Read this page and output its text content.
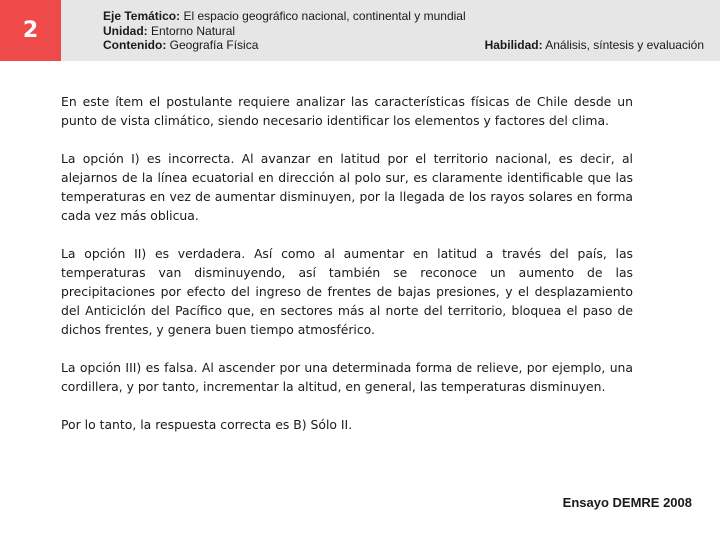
2
Eje Temático: El espacio geográfico nacional, continental y mundial
Unidad: Entorno Natural
Contenido: Geografía Física	Habilidad: Análisis, síntesis y evaluación

En este ítem el postulante requiere analizar las características físicas de Chile desde un punto de vista climático, siendo necesario identificar los elementos y factores del clima.

La opción I) es incorrecta. Al avanzar en latitud por el territorio nacional, es decir, al alejarnos de la línea ecuatorial en dirección al polo sur, es claramente identificable que las temperaturas en vez de aumentar disminuyen, por la llegada de los rayos solares en forma cada vez más oblicua.

La opción II) es verdadera. Así como al aumentar en latitud a través del país, las temperaturas van disminuyendo, así también se reconoce un aumento de las precipitaciones por efecto del ingreso de frentes de bajas presiones, y el desplazamiento del Anticiclón del Pacífico que, en sectores más al norte del territorio, bloquea el paso de dichos frentes, y genera buen tiempo atmosférico.

La opción III) es falsa. Al ascender por una determinada forma de relieve, por ejemplo, una cordillera, y por tanto, incrementar la altitud, en general, las temperaturas disminuyen.

Por lo tanto, la respuesta correcta es B) Sólo II.

Ensayo DEMRE 2008
